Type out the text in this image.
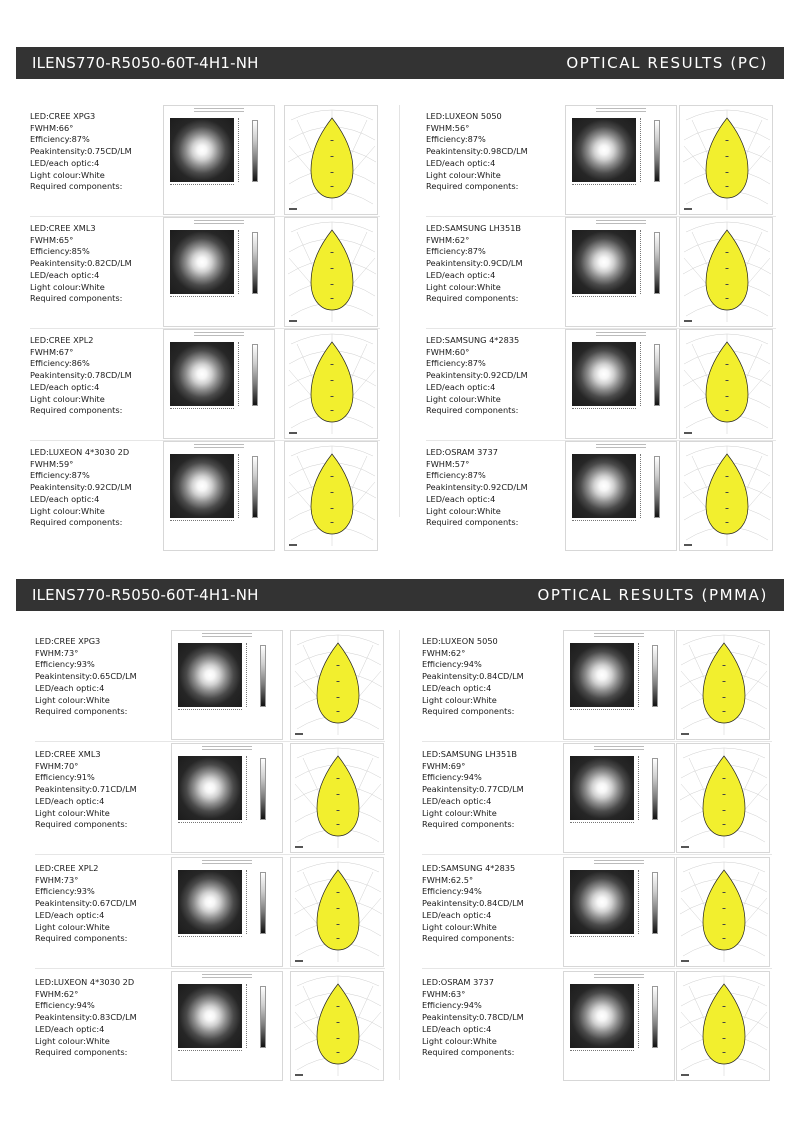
ILENS770-R5050-60T-4H1-NH	OPTICAL RESULTS (PC)
ILENS770-R5050-60T-4H1-NH	OPTICAL RESULTS (PMMA)
LED:CREE XPG3
FWHM:66°
Efficiency:87%
Peakintensity:0.75CD/LM
LED/each optic:4
Light colour:White
Required components:
LED:CREE XML3
FWHM:65°
Efficiency:85%
Peakintensity:0.82CD/LM
LED/each optic:4
Light colour:White
Required components:
LED:CREE XPL2
FWHM:67°
Efficiency:86%
Peakintensity:0.78CD/LM
LED/each optic:4
Light colour:White
Required components:
LED:LUXEON 4*3030 2D
FWHM:59°
Efficiency:87%
Peakintensity:0.92CD/LM
LED/each optic:4
Light colour:White
Required components:
LED:LUXEON 5050
FWHM:56°
Efficiency:87%
Peakintensity:0.98CD/LM
LED/each optic:4
Light colour:White
Required components:
LED:SAMSUNG LH351B
FWHM:62°
Efficiency:87%
Peakintensity:0.9CD/LM
LED/each optic:4
Light colour:White
Required components:
LED:SAMSUNG 4*2835
FWHM:60°
Efficiency:87%
Peakintensity:0.92CD/LM
LED/each optic:4
Light colour:White
Required components:
LED:OSRAM 3737
FWHM:57°
Efficiency:87%
Peakintensity:0.92CD/LM
LED/each optic:4
Light colour:White
Required components:
LED:CREE XPG3
FWHM:73°
Efficiency:93%
Peakintensity:0.65CD/LM
LED/each optic:4
Light colour:White
Required components:
LED:CREE XML3
FWHM:70°
Efficiency:91%
Peakintensity:0.71CD/LM
LED/each optic:4
Light colour:White
Required components:
LED:CREE XPL2
FWHM:73°
Efficiency:93%
Peakintensity:0.67CD/LM
LED/each optic:4
Light colour:White
Required components:
LED:LUXEON 4*3030 2D
FWHM:62°
Efficiency:94%
Peakintensity:0.83CD/LM
LED/each optic:4
Light colour:White
Required components:
LED:LUXEON 5050
FWHM:62°
Efficiency:94%
Peakintensity:0.84CD/LM
LED/each optic:4
Light colour:White
Required components:
LED:SAMSUNG LH351B
FWHM:69°
Efficiency:94%
Peakintensity:0.77CD/LM
LED/each optic:4
Light colour:White
Required components:
LED:SAMSUNG 4*2835
FWHM:62.5°
Efficiency:94%
Peakintensity:0.84CD/LM
LED/each optic:4
Light colour:White
Required components:
LED:OSRAM 3737
FWHM:63°
Efficiency:94%
Peakintensity:0.78CD/LM
LED/each optic:4
Light colour:White
Required components:
